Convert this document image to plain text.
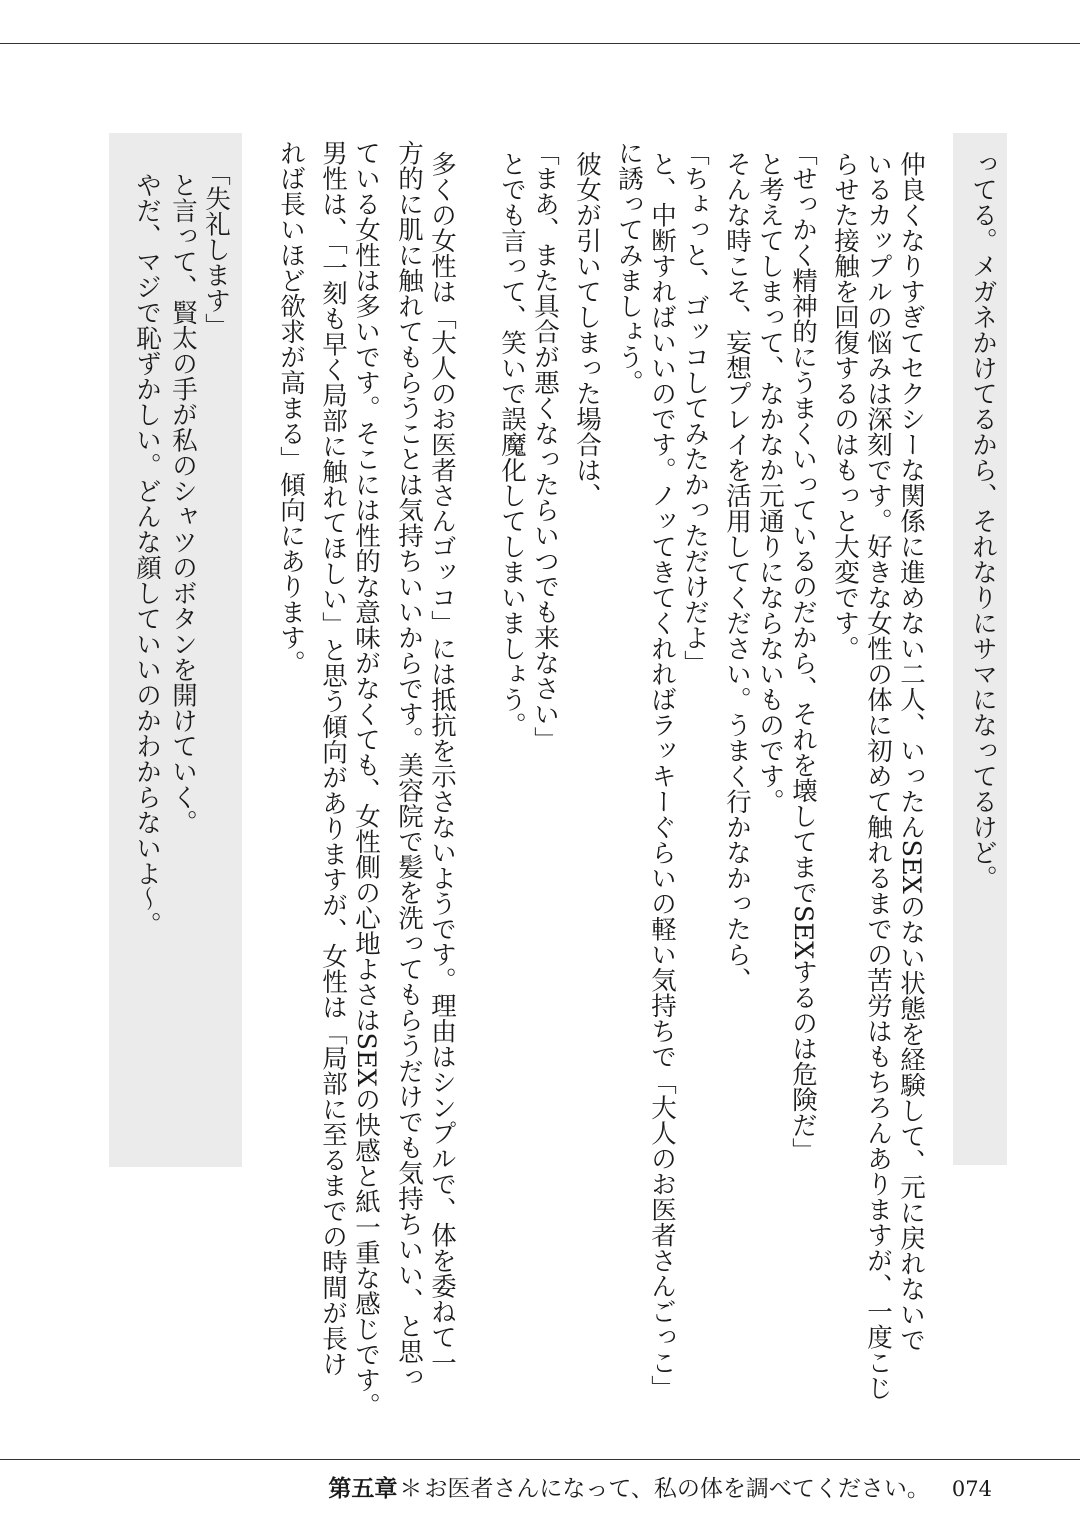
ってる。メガネかけてるから、それなりにサマになってるけど。
仲良くなりすぎてセクシーな関係に進めない二人、いったんSEXのない状態を経験して、元に戻れないで
いるカップルの悩みは深刻です。好きな女性の体に初めて触れるまでの苦労はもちろんありますが、一度こじ
らせた接触を回復するのはもっと大変です。
「せっかく精神的にうまくいっているのだから、それを壊してまでSEXするのは危険だ」
と考えてしまって、なかなか元通りにならないものです。
そんな時こそ、妄想プレイを活用してください。うまく行かなかったら、
「ちょっと、ゴッコしてみたかっただけだよ」
と、中断すればいいのです。ノッてきてくれればラッキーぐらいの軽い気持ちで「大人のお医者さんごっこ」
に誘ってみましょう。
彼女が引いてしまった場合は、
「まあ、また具合が悪くなったらいつでも来なさい」
とでも言って、笑いで誤魔化してしまいましょう。
多くの女性は「大人のお医者さんゴッコ」には抵抗を示さないようです。理由はシンプルで、体を委ねて一
方的に肌に触れてもらうことは気持ちいいからです。美容院で髪を洗ってもらうだけでも気持ちいい、と思っ
ている女性は多いです。そこには性的な意味がなくても、女性側の心地よさはSEXの快感と紙一重な感じです。
男性は、「一刻も早く局部に触れてほしい」と思う傾向がありますが、女性は「局部に至るまでの時間が長け
れば長いほど欲求が高まる」傾向にあります。
「失礼します」
と言って、賢太の手が私のシャツのボタンを開けていく。
やだ、マジで恥ずかしい。どんな顔していいのかわからないよ〜。
第五章 ＊ お医者さんになって、私の体を調べてください。 074
